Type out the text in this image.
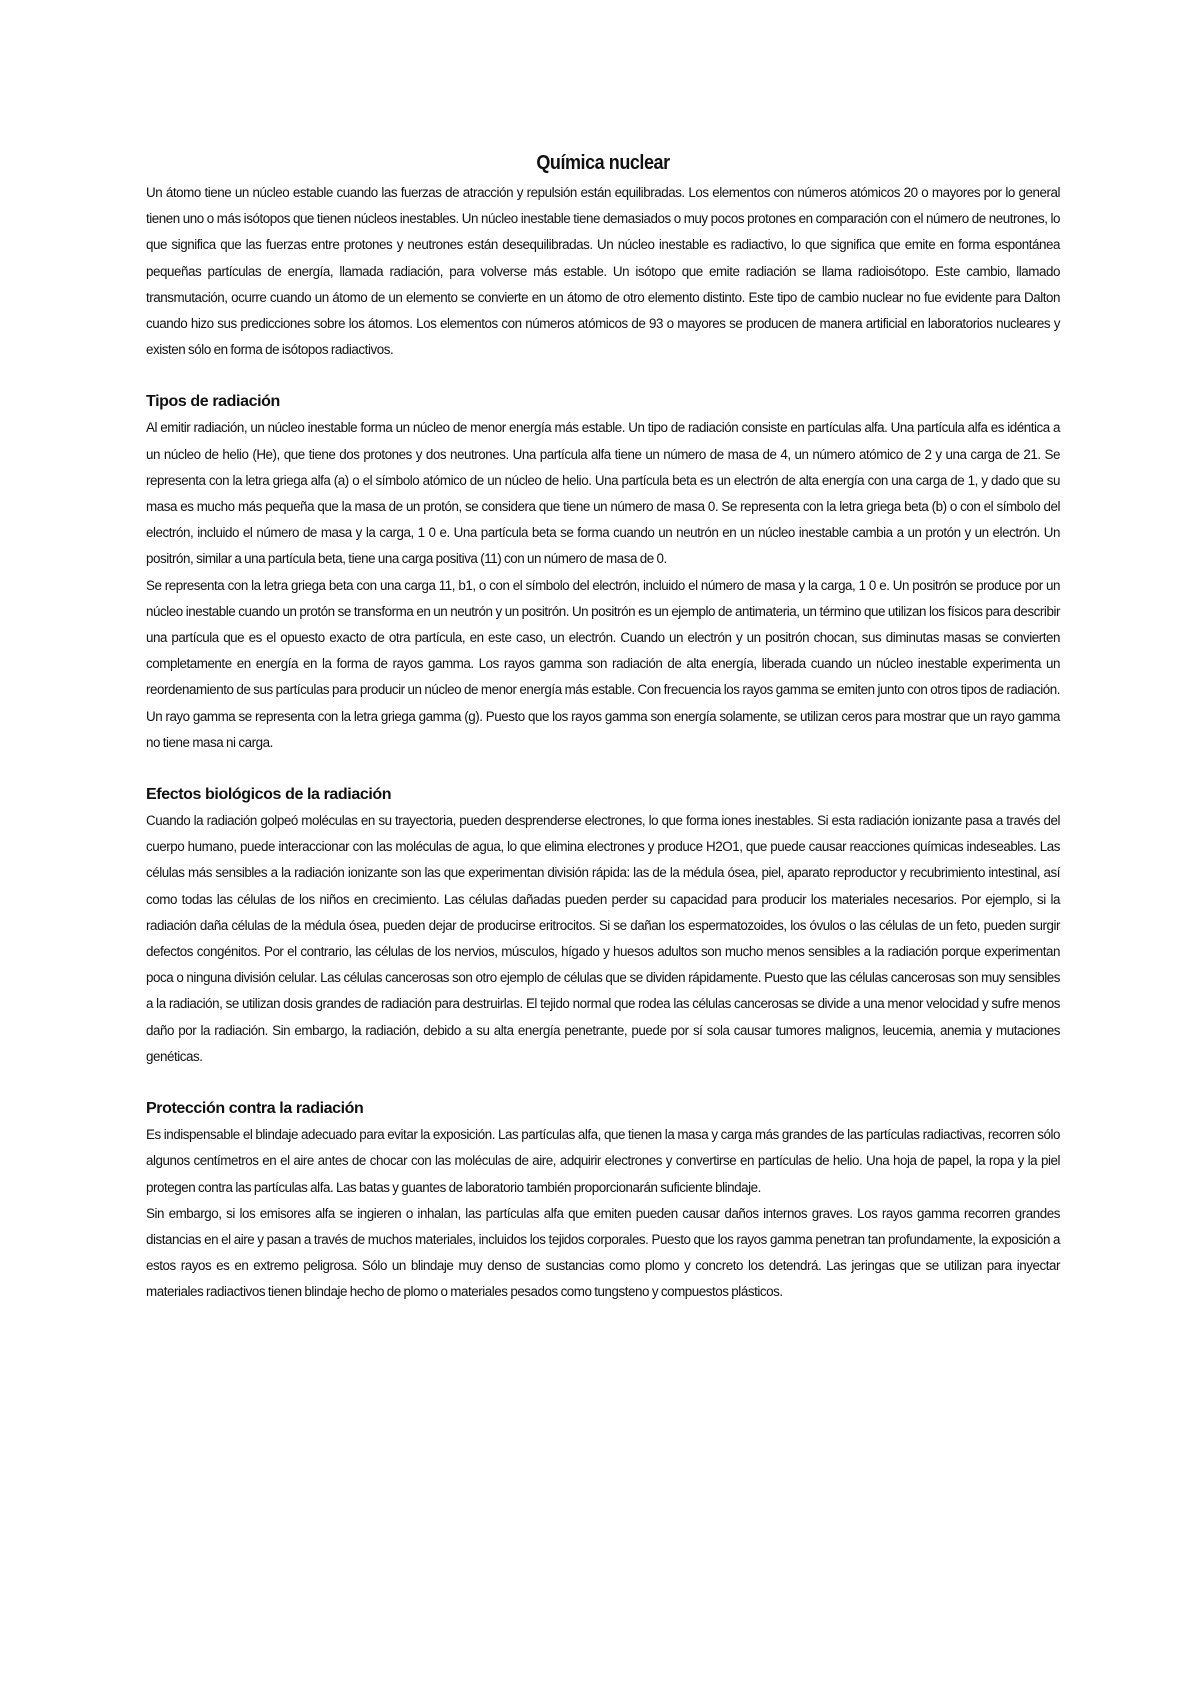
Química nuclear

Un átomo tiene un núcleo estable cuando las fuerzas de atracción y repulsión están equilibradas. Los elementos con números atómicos 20 o mayores por lo general tienen uno o más isótopos que tienen núcleos inestables. Un núcleo inestable tiene demasiados o muy pocos protones en comparación con el número de neutrones, lo que significa que las fuerzas entre protones y neutrones están desequilibradas. Un núcleo inestable es radiactivo, lo que significa que emite en forma espontánea pequeñas partículas de energía, llamada radiación, para volverse más estable. Un isótopo que emite radiación se llama radioisótopo. Este cambio, llamado transmutación, ocurre cuando un átomo de un elemento se convierte en un átomo de otro elemento distinto. Este tipo de cambio nuclear no fue evidente para Dalton cuando hizo sus predicciones sobre los átomos. Los elementos con números atómicos de 93 o mayores se producen de manera artificial en laboratorios nucleares y existen sólo en forma de isótopos radiactivos.

Tipos de radiación

Al emitir radiación, un núcleo inestable forma un núcleo de menor energía más estable. Un tipo de radiación consiste en partículas alfa. Una partícula alfa es idéntica a un núcleo de helio (He), que tiene dos protones y dos neutrones. Una partícula alfa tiene un número de masa de 4, un número atómico de 2 y una carga de 21. Se representa con la letra griega alfa (a) o el símbolo atómico de un núcleo de helio. Una partícula beta es un electrón de alta energía con una carga de 1, y dado que su masa es mucho más pequeña que la masa de un protón, se considera que tiene un número de masa 0. Se representa con la letra griega beta (b) o con el símbolo del electrón, incluido el número de masa y la carga, 1 0 e. Una partícula beta se forma cuando un neutrón en un núcleo inestable cambia a un protón y un electrón. Un positrón, similar a una partícula beta, tiene una carga positiva (11) con un número de masa de 0.

Se representa con la letra griega beta con una carga 11, b1, o con el símbolo del electrón, incluido el número de masa y la carga, 1 0 e. Un positrón se produce por un núcleo inestable cuando un protón se transforma en un neutrón y un positrón. Un positrón es un ejemplo de antimateria, un término que utilizan los físicos para describir una partícula que es el opuesto exacto de otra partícula, en este caso, un electrón. Cuando un electrón y un positrón chocan, sus diminutas masas se convierten completamente en energía en la forma de rayos gamma. Los rayos gamma son radiación de alta energía, liberada cuando un núcleo inestable experimenta un reordenamiento de sus partículas para producir un núcleo de menor energía más estable. Con frecuencia los rayos gamma se emiten junto con otros tipos de radiación. Un rayo gamma se representa con la letra griega gamma (g). Puesto que los rayos gamma son energía solamente, se utilizan ceros para mostrar que un rayo gamma no tiene masa ni carga.

Efectos biológicos de la radiación

Cuando la radiación golpeó moléculas en su trayectoria, pueden desprenderse electrones, lo que forma iones inestables. Si esta radiación ionizante pasa a través del cuerpo humano, puede interaccionar con las moléculas de agua, lo que elimina electrones y produce H2O1, que puede causar reacciones químicas indeseables. Las células más sensibles a la radiación ionizante son las que experimentan división rápida: las de la médula ósea, piel, aparato reproductor y recubrimiento intestinal, así como todas las células de los niños en crecimiento. Las células dañadas pueden perder su capacidad para producir los materiales necesarios. Por ejemplo, si la radiación daña células de la médula ósea, pueden dejar de producirse eritrocitos. Si se dañan los espermatozoides, los óvulos o las células de un feto, pueden surgir defectos congénitos. Por el contrario, las células de los nervios, músculos, hígado y huesos adultos son mucho menos sensibles a la radiación porque experimentan poca o ninguna división celular. Las células cancerosas son otro ejemplo de células que se dividen rápidamente. Puesto que las células cancerosas son muy sensibles a la radiación, se utilizan dosis grandes de radiación para destruirlas. El tejido normal que rodea las células cancerosas se divide a una menor velocidad y sufre menos daño por la radiación. Sin embargo, la radiación, debido a su alta energía penetrante, puede por sí sola causar tumores malignos, leucemia, anemia y mutaciones genéticas.

Protección contra la radiación

Es indispensable el blindaje adecuado para evitar la exposición. Las partículas alfa, que tienen la masa y carga más grandes de las partículas radiactivas, recorren sólo algunos centímetros en el aire antes de chocar con las moléculas de aire, adquirir electrones y convertirse en partículas de helio. Una hoja de papel, la ropa y la piel protegen contra las partículas alfa. Las batas y guantes de laboratorio también proporcionarán suficiente blindaje.

Sin embargo, si los emisores alfa se ingieren o inhalan, las partículas alfa que emiten pueden causar daños internos graves. Los rayos gamma recorren grandes distancias en el aire y pasan a través de muchos materiales, incluidos los tejidos corporales. Puesto que los rayos gamma penetran tan profundamente, la exposición a estos rayos es en extremo peligrosa. Sólo un blindaje muy denso de sustancias como plomo y concreto los detendrá. Las jeringas que se utilizan para inyectar materiales radiactivos tienen blindaje hecho de plomo o materiales pesados como tungsteno y compuestos plásticos.
